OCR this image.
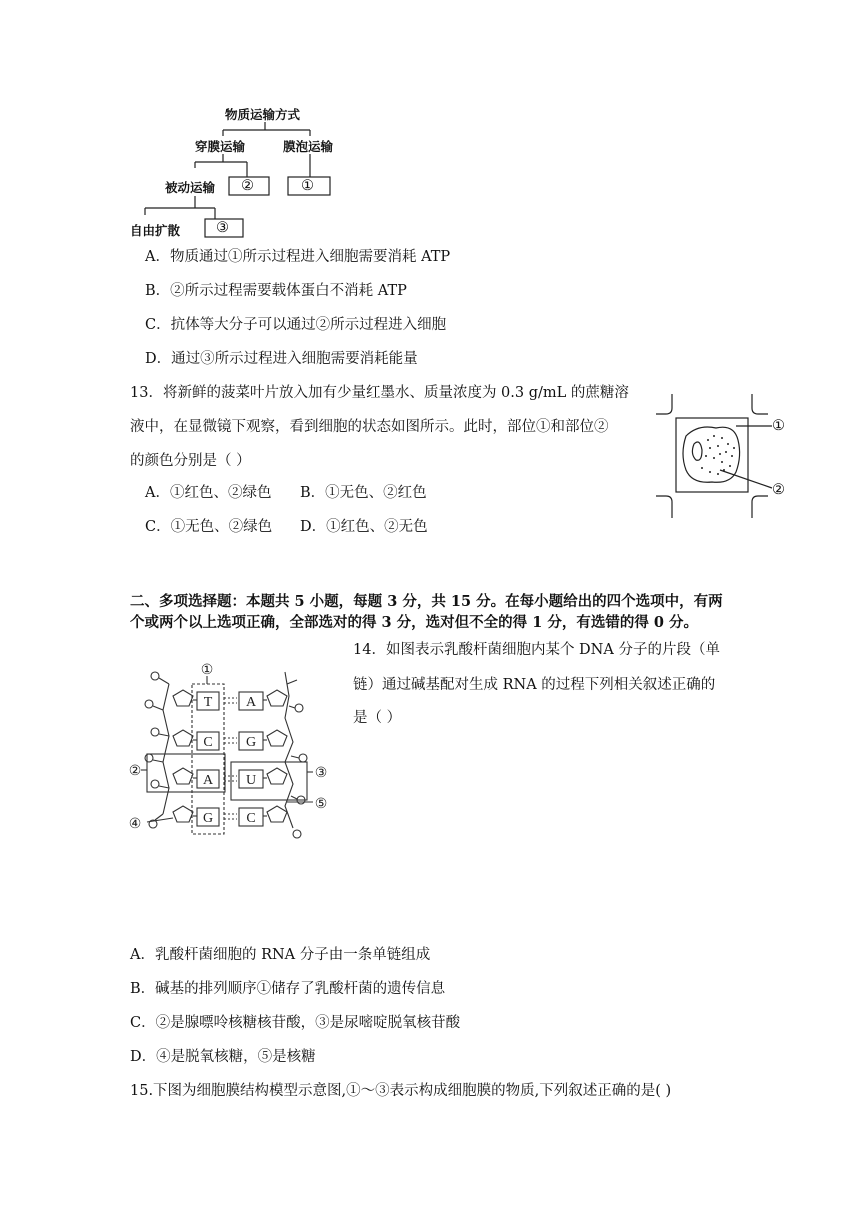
物质运输方式
穿膜运输	膜泡运输
被动运输
自由扩散
②	①
③
A．物质通过①所示过程进入细胞需要消耗 ATP
B．②所示过程需要载体蛋白不消耗 ATP
C．抗体等大分子可以通过②所示过程进入细胞
D．通过③所示过程进入细胞需要消耗能量
13．将新鲜的菠菜叶片放入加有少量红墨水、质量浓度为 0.3 g/mL 的蔗糖溶
液中，在显微镜下观察，看到细胞的状态如图所示。此时，部位①和部位②
的颜色分别是（ ）
A．①红色、②绿色 B．①无色、②红色
C．①无色、②绿色 D．①红色、②无色
①
②
二、多项选择题：本题共 5 小题，每题 3 分，共 15 分。在每小题给出的四个选项中，有两
个或两个以上选项正确，全部选对的得 3 分，选对但不全的得 1 分，有选错的得 0 分。
14．如图表示乳酸杆菌细胞内某个 DNA 分子的片段（单
链）通过碱基配对生成 RNA 的过程下列相关叙述正确的
是（ ）
T
C
A
G
A
G
U
C
①
②	③
④
⑤
A．乳酸杆菌细胞的 RNA 分子由一条单链组成
B．碱基的排列顺序①储存了乳酸杆菌的遗传信息
C．②是腺嘌呤核糖核苷酸，③是尿嘧啶脱氧核苷酸
D．④是脱氧核糖，⑤是核糖
15.下图为细胞膜结构模型示意图,①～③表示构成细胞膜的物质,下列叙述正确的是( )
